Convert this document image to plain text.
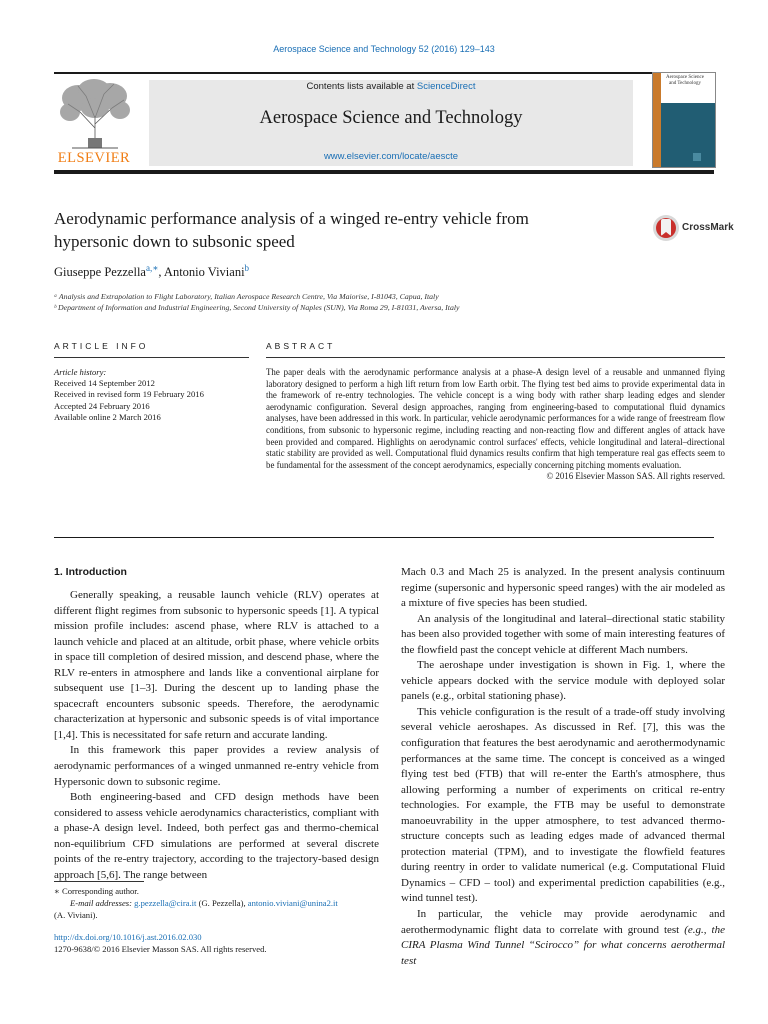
Aerospace Science and Technology 52 (2016) 129–143
ELSEVIER
Contents lists available at ScienceDirect
Aerospace Science and Technology
www.elsevier.com/locate/aescte
Aerospace Science and Technology
Aerodynamic performance analysis of a winged re-entry vehicle from
hypersonic down to subsonic speed
CrossMark
Giuseppe Pezzella$^{a,∗}$, Antonio Viviani$^b$
ᵃ Analysis and Extrapolation to Flight Laboratory, Italian Aerospace Research Centre, Via Maiorise, I-81043, Capua, Italy
ᵇ Department of Information and Industrial Engineering, Second University of Naples (SUN), Via Roma 29, I-81031, Aversa, Italy
ARTICLE INFO	ABSTRACT
Article history:
Received 14 September 2012
Received in revised form 19 February 2016
Accepted 24 February 2016
Available online 2 March 2016
The paper deals with the aerodynamic performance analysis at a phase-A design level of a reusable and unmanned flying laboratory designed to perform a high lift return from low Earth orbit. The flying test bed aims to provide experimental data in the framework of re-entry technologies. The vehicle concept is a wing body with rather sharp leading edges and slender aerodynamic configuration. Several design approaches, ranging from engineering-based to computational fluid dynamics analyses, have been addressed in this work. In particular, vehicle aerodynamic performances for a wide range of freestream flow conditions, from subsonic to hypersonic regime, including reacting and non-reacting flow and different angles of attack have been provided and compared. Highlights on aerodynamic control surfaces' effects, vehicle longitudinal and lateral–directional static stability are provided as well. Computational fluid dynamics results confirm that high temperature real gas effects seem to be fundamental for the assessment of the concept aerodynamics, especially concerning pitching moments evaluation.
© 2016 Elsevier Masson SAS. All rights reserved.
1. Introduction

Generally speaking, a reusable launch vehicle (RLV) operates at different flight regimes from subsonic to hypersonic speeds [1]. A typical mission profile includes: ascend phase, where RLV is attached to a launch vehicle and placed at an altitude, orbit phase, where vehicle orbits in space till completion of desired mission, and descend phase, where the RLV re-enters in atmosphere and lands like a conventional airplane for subsequent use [1–3]. During the descent up to landing phase the spacecraft encounters subsonic speeds. Therefore, the aerodynamic characterization at hypersonic and subsonic speeds is of vital importance [1,4]. This is necessitated for safe return and accurate landing.

In this framework this paper provides a review analysis of aerodynamic performances of a winged unmanned re-entry vehicle from Hypersonic down to subsonic regime.

Both engineering-based and CFD design methods have been considered to assess vehicle aerodynamics characteristics, compliant with a phase-A design level. Indeed, both perfect gas and thermo-chemical non-equilibrium CFD simulations are performed at several discrete points of the re-entry trajectory, according to the trajectory-based design approach [5,6]. The range between

Mach 0.3 and Mach 25 is analyzed. In the present analysis continuum regime (supersonic and hypersonic speed ranges) with the air modeled as a mixture of five species has been studied.

An analysis of the longitudinal and lateral–directional static stability has been also provided together with some of main interesting features of the flowfield past the concept vehicle at different Mach numbers.

The aeroshape under investigation is shown in Fig. 1, where the vehicle appears docked with the service module with deployed solar panels (e.g., orbital stationing phase).

This vehicle configuration is the result of a trade-off study involving several vehicle aeroshapes. As discussed in Ref. [7], this was the configuration that features the best aerodynamic and aerothermodynamic performances at the same time. The concept is conceived as a winged flying test bed (FTB) that will re-enter the Earth's atmosphere, thus allowing performing a number of experiments on critical re-entry technologies. For example, the FTB may be useful to demonstrate manoeuvrability in the upper atmosphere, to test advanced thermo-structure concepts such as leading edges made of advanced thermal protection material (TPM), and to investigate the flowfield features during reentry in order to validate numerical (e.g. Computational Fluid Dynamics – CFD – tool) and experimental prediction capabilities (e.g., wind tunnel test).

In particular, the vehicle may provide aerodynamic and aerothermodynamic flight data to correlate with ground test (e.g., the CIRA Plasma Wind Tunnel “Scirocco” for what concerns aerothermal test

∗ Corresponding author.
E-mail addresses: g.pezzella@cira.it (G. Pezzella), antonio.viviani@unina2.it
(A. Viviani).
http://dx.doi.org/10.1016/j.ast.2016.02.030
1270-9638/© 2016 Elsevier Masson SAS. All rights reserved.
